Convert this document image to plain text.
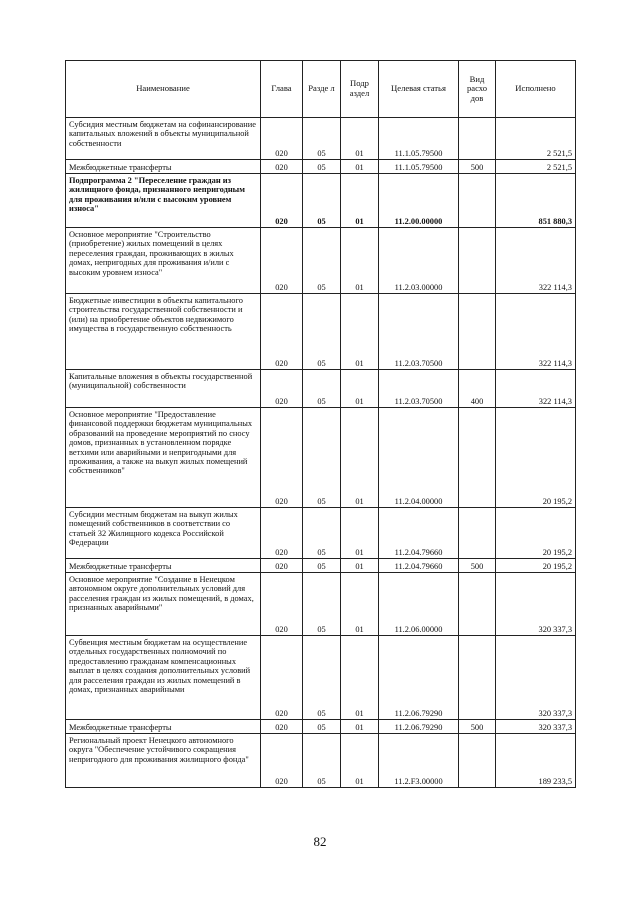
Наименование	Глава	Разде л	Подр аздел	Целевая статья	Вид расхо дов	Исполнено
Субсидия местным бюджетам на софинансирование капитальных вложений в объекты муниципальной собственности	020	05	01	11.1.05.79500		2 521,5
Межбюджетные трансферты	020	05	01	11.1.05.79500	500	2 521,5
Подпрограмма 2 "Переселение граждан из жилищного фонда, признанного непригодным для проживания и/или с высоким уровнем износа"	020	05	01	11.2.00.00000		851 880,3
Основное мероприятие "Строительство (приобретение) жилых помещений в целях переселения граждан, проживающих в жилых домах, непригодных для проживания и/или с высоким уровнем износа"	020	05	01	11.2.03.00000		322 114,3
Бюджетные инвестиции в объекты капитального строительства государственной собственности и (или) на приобретение объектов недвижимого имущества в государственную собственность	020	05	01	11.2.03.70500		322 114,3
Капитальные вложения в объекты государственной (муниципальной) собственности	020	05	01	11.2.03.70500	400	322 114,3
Основное мероприятие "Предоставление финансовой поддержки бюджетам муниципальных образований на проведение мероприятий по сносу домов, признанных в установленном порядке ветхими или аварийными и непригодными для проживания, а также на выкуп жилых помещений собственников"	020	05	01	11.2.04.00000		20 195,2
Субсидии местным бюджетам на выкуп жилых помещений собственников в соответствии со статьей 32 Жилищного кодекса Российской Федерации	020	05	01	11.2.04.79660		20 195,2
Межбюджетные трансферты	020	05	01	11.2.04.79660	500	20 195,2
Основное мероприятие "Создание в Ненецком автономном округе дополнительных условий для расселения граждан из жилых помещений, в домах, признанных аварийными"	020	05	01	11.2.06.00000		320 337,3
Субвенция местным бюджетам на осуществление отдельных государственных полномочий по предоставлению гражданам компенсационных выплат в целях создания дополнительных условий для расселения граждан из жилых помещений в домах, признанных аварийными	020	05	01	11.2.06.79290		320 337,3
Межбюджетные трансферты	020	05	01	11.2.06.79290	500	320 337,3
Региональный проект Ненецкого автономного округа "Обеспечение устойчивого сокращения непригодного для проживания жилищного фонда"	020	05	01	11.2.F3.00000		189 233,5
82
